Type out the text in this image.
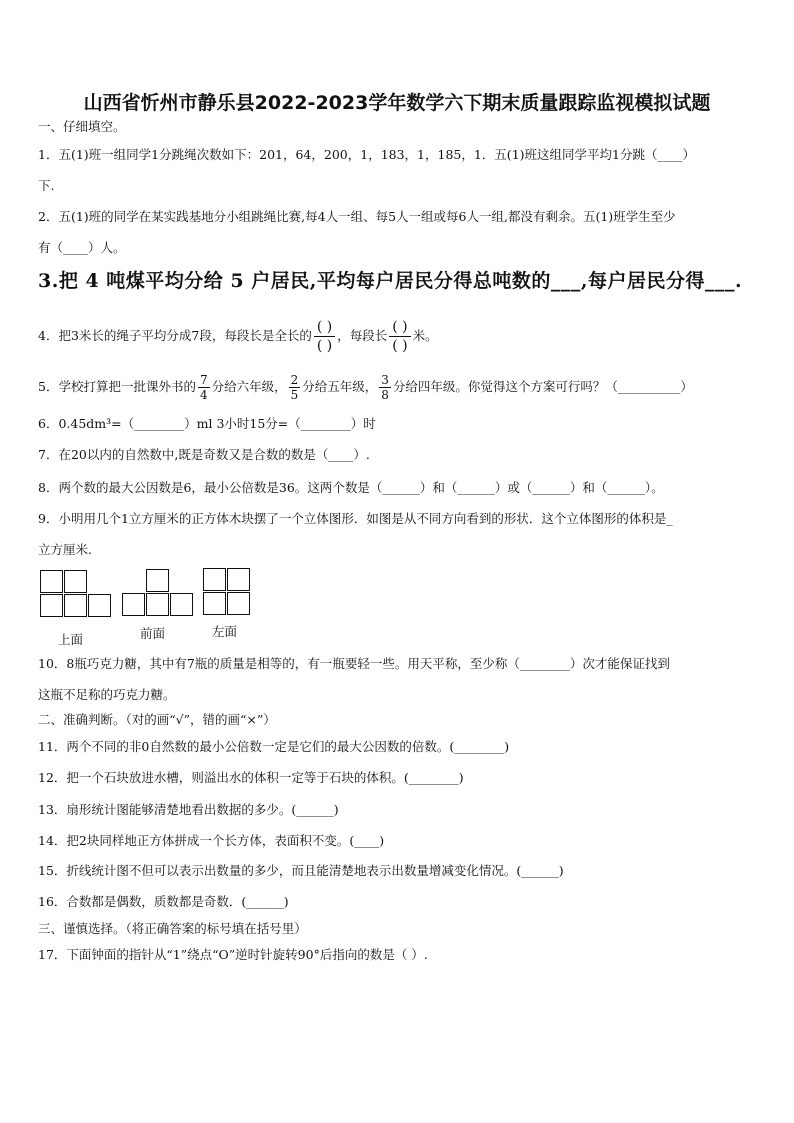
山西省忻州市静乐县2022-2023学年数学六下期末质量跟踪监视模拟试题
一、仔细填空。
1．五(1)班一组同学1分跳绳次数如下：201，64，200，1，183，1，185，1．五(1)班这组同学平均1分跳（____）
下.
2．五(1)班的同学在某实践基地分小组跳绳比赛,每4人一组、每5人一组或每6人一组,都没有剩余。五(1)班学生至少
有（____）人。
3.把 4 吨煤平均分给 5 户居民,平均每户居民分得总吨数的___,每户居民分得___.
4．把3米长的绳子平均分成7段，每段长是全长的 $\frac{( )}{( )}$ ，每段长 $\frac{( )}{( )}$ 米。
5．学校打算把一批课外书的 $\frac{7}{4}$ 分给六年级， $\frac{2}{5}$ 分给五年级， $\frac{3}{8}$ 分给四年级。你觉得这个方案可行吗？（__________）
6．0.45dm³=（________）ml 3小时15分=（________）时
7．在20以内的自然数中,既是奇数又是合数的数是（____）.
8．两个数的最大公因数是6，最小公倍数是36。这两个数是（______）和（______）或（______）和（______）。
9．小明用几个1立方厘米的正方体木块摆了一个立体图形．如图是从不同方向看到的形状．这个立体图形的体积是_
立方厘米.
上面	前面	左面
10．8瓶巧克力糖，其中有7瓶的质量是相等的，有一瓶要轻一些。用天平称，至少称（________）次才能保证找到
这瓶不足称的巧克力糖。
二、准确判断。（对的画“√”，错的画“×”）
11．两个不同的非0自然数的最小公倍数一定是它们的最大公因数的倍数。(________)
12．把一个石块放进水槽，则溢出水的体积一定等于石块的体积。(________)
13．扇形统计图能够清楚地看出数据的多少。(______)
14．把2块同样地正方体拼成一个长方体，表面积不变。(____)
15．折线统计图不但可以表示出数量的多少，而且能清楚地表示出数量增减变化情况。(______)
16．合数都是偶数，质数都是奇数．(______)
三、谨慎选择。（将正确答案的标号填在括号里）
17．下面钟面的指针从“1”绕点“O”逆时针旋转90°后指向的数是（ ）.
